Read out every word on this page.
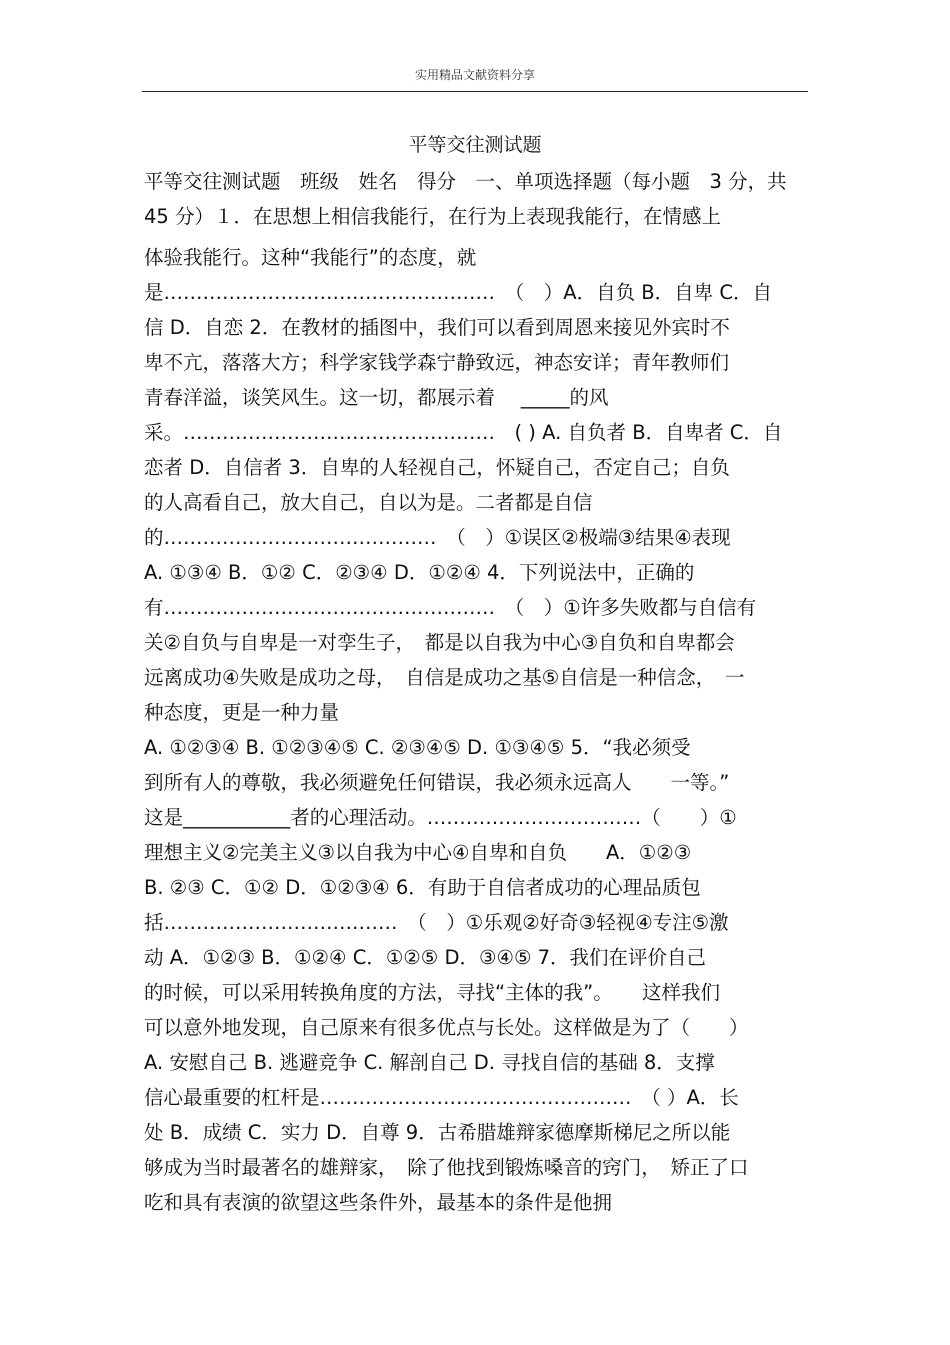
实用精品文献资料分享
平等交往测试题
平等交往测试题　班级　姓名　得分　一、单项选择题（每小题　3 分，共
45 分）１．在思想上相信我能行，在行为上表现我能行，在情感上
体验我能行。这种“我能行”的态度，就
是……………………………………………　（　）A．自负 B．自卑 C．自
信 D．自恋 2．在教材的插图中，我们可以看到周恩来接见外宾时不
卑不亢，落落大方；科学家钱学森宁静致远，神态安详；青年教师们
青春洋溢，谈笑风生。这一切，都展示着　 _____的风
采。…………………………………………　( ) A. 自负者 B．自卑者 C．自
恋者 D．自信者 3．自卑的人轻视自己，怀疑自己，否定自己；自负
的人高看自己，放大自己，自以为是。二者都是自信
的……………………………………　（　）①误区②极端③结果④表现
A. ①③④ B．①② C．②③④ D．①②④ 4．下列说法中，正确的
有……………………………………………　（　）①许多失败都与自信有
关②自负与自卑是一对孪生子，　都是以自我为中心③自负和自卑都会
远离成功④失败是成功之母，　自信是成功之基⑤自信是一种信念，　一
种态度，更是一种力量
A. ①②③④ B. ①②③④⑤ C. ②③④⑤ D. ①③④⑤ 5．“我必须受
到所有人的尊敬，我必须避免任何错误，我必须永远高人　　一等。”
这是___________者的心理活动。……………………………（　　）①
理想主义②完美主义③以自我为中心④自卑和自负　　A．①②③
B. ②③ C．①② D．①②③④ 6．有助于自信者成功的心理品质包
括………………………………　（　）①乐观②好奇③轻视④专注⑤激
动 A．①②③ B．①②④ C．①②⑤ D．③④⑤ 7．我们在评价自己
的时候，可以采用转换角度的方法，寻找“主体的我”。　　这样我们
可以意外地发现，自己原来有很多优点与长处。这样做是为了（　　）
A. 安慰自己 B. 逃避竞争 C. 解剖自己 D. 寻找自信的基础 8．支撑
信心最重要的杠杆是…………………………………………　（ ）A．长
处 B．成绩 C．实力 D．自尊 9．古希腊雄辩家德摩斯梯尼之所以能
够成为当时最著名的雄辩家，　除了他找到锻炼嗓音的窍门，　矫正了口
吃和具有表演的欲望这些条件外，最基本的条件是他拥
